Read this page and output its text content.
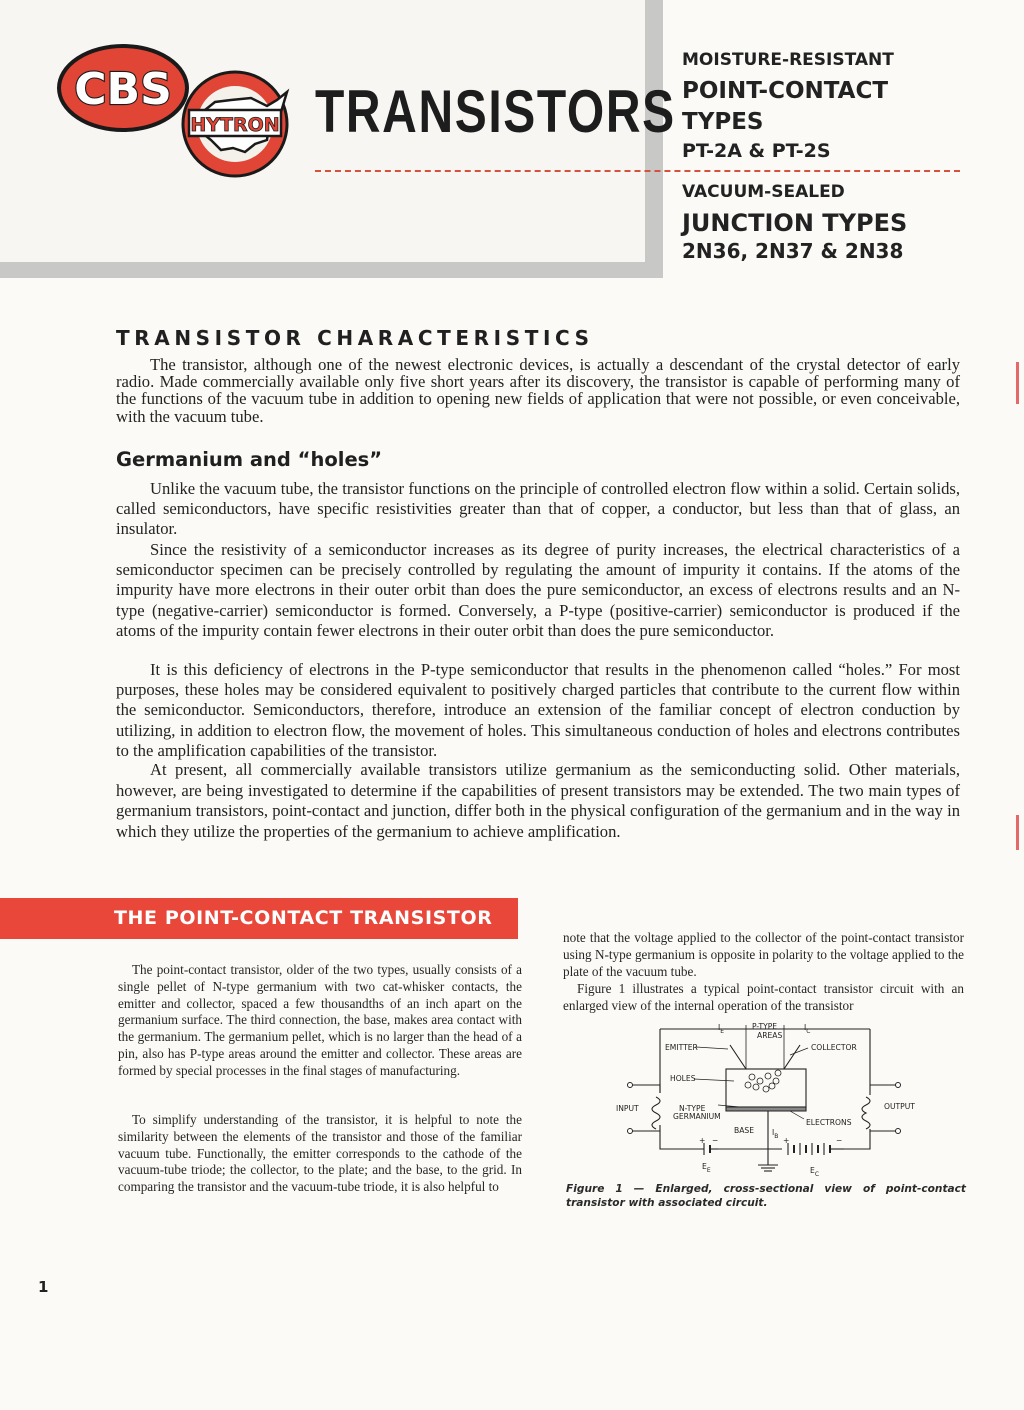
CBS
HYTRON TRANSISTORS
MOISTURE-RESISTANT
POINT-CONTACT
TYPES
PT-2A & PT-2S
VACUUM-SEALED
JUNCTION TYPES
2N36, 2N37 & 2N38
TRANSISTOR CHARACTERISTICS

The transistor, although one of the newest electronic devices, is actually a descendant of the crystal detector of early radio. Made commercially available only five short years after its discovery, the transistor is capable of performing many of the functions of the vacuum tube in addition to opening new fields of application that were not possible, or even conceivable, with the vacuum tube.

Germanium and “holes”

Unlike the vacuum tube, the transistor functions on the principle of controlled electron flow within a solid. Certain solids, called semiconductors, have specific resistivities greater than that of copper, a conductor, but less than that of glass, an insulator.

Since the resistivity of a semiconductor increases as its degree of purity increases, the electrical characteristics of a semiconductor specimen can be precisely controlled by regulating the amount of impurity it contains. If the atoms of the impurity have more electrons in their outer orbit than does the pure semiconductor, an excess of electrons results and an N-type (negative-carrier) semiconductor is formed. Conversely, a P-type (positive-carrier) semiconductor is produced if the atoms of the impurity contain fewer electrons in their outer orbit than does the pure semiconductor.

It is this deficiency of electrons in the P-type semiconductor that results in the phenomenon called “holes.” For most purposes, these holes may be considered equivalent to positively charged particles that contribute to the current flow within the semiconductor. Semiconductors, therefore, introduce an extension of the familiar concept of electron conduction by utilizing, in addition to electron flow, the movement of holes. This simultaneous conduction of holes and electrons contributes to the amplification capabilities of the transistor.

At present, all commercially available transistors utilize germanium as the semiconducting solid. Other materials, however, are being investigated to determine if the capabilities of present transistors may be extended. The two main types of germanium transistors, point-contact and junction, differ both in the physical configuration of the germanium and in the way in which they utilize the properties of the germanium to achieve amplification.

THE POINT-CONTACT TRANSISTOR

The point-contact transistor, older of the two types, usually consists of a single pellet of N-type germanium with two cat-whisker contacts, the emitter and collector, spaced a few thousandths of an inch apart on the germanium surface. The third connection, the base, makes area contact with the germanium. The germanium pellet, which is no larger than the head of a pin, also has P-type areas around the emitter and collector. These areas are formed by special processes in the final stages of manufacturing.

To simplify understanding of the transistor, it is helpful to note the similarity between the elements of the transistor and those of the familiar vacuum tube. Functionally, the emitter corresponds to the cathode of the vacuum-tube triode; the collector, to the plate; and the base, to the grid. In comparing the transistor and the vacuum-tube triode, it is also helpful to

note that the voltage applied to the collector of the point-contact transistor using N-type germanium is opposite in polarity to the voltage applied to the plate of the vacuum tube.

Figure 1 illustrates a typical point-contact transistor circuit with an enlarged view of the internal operation of the transistor

$I_E$
P-TYPE
AREAS
$I_C$
EMITTER	COLLECTOR
HOLES
INPUT	OUTPUT
N-TYPE
GERMANIUM
BASE $I_B$
ELECTRONS
+ −	+	−
$E_E$	$E_C$
Figure 1 — Enlarged, cross-sectional view of point-contact transistor with associated circuit.
1
